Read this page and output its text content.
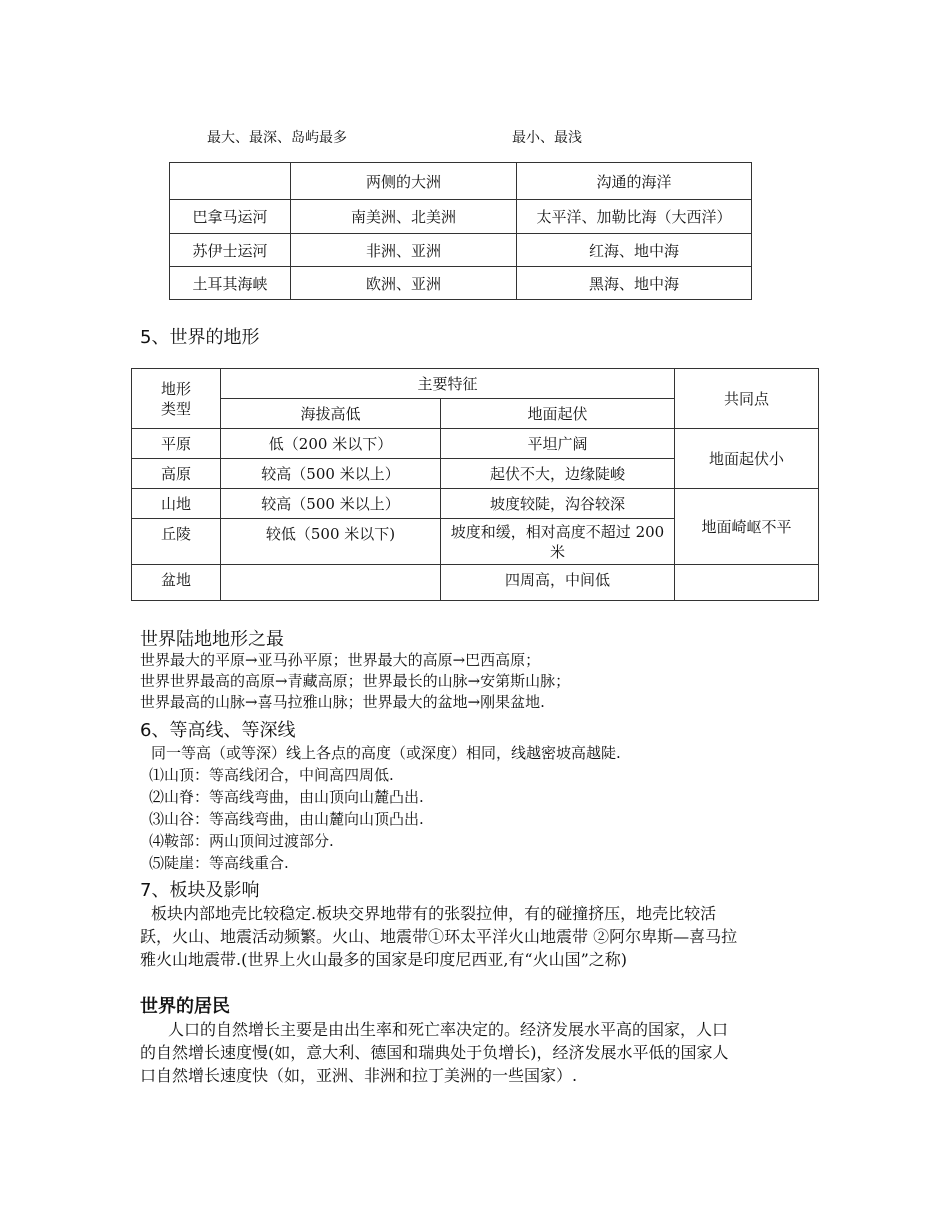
最大、最深、岛屿最多	最小、最浅
	两侧的大洲	沟通的海洋
巴拿马运河	南美洲、北美洲	太平洋、加勒比海（大西洋）
苏伊士运河	非洲、亚洲	红海、地中海
土耳其海峡	欧洲、亚洲	黑海、地中海
5、世界的地形
地形类型	主要特征		共同点
	海拔高低	地面起伏	
平原	低（200 米以下）	平坦广阔	地面起伏小
高原	较高（500 米以上）	起伏不大，边缘陡峻	
山地	较高（500 米以上）	坡度较陡，沟谷较深	地面崎岖不平
丘陵	较低（500 米以下)	坡度和缓，相对高度不超过 200 米	
盆地		四周高，中间低	
世界陆地地形之最
世界最大的平原→亚马孙平原；世界最大的高原→巴西高原；
世界世界最高的高原→青藏高原；世界最长的山脉→安第斯山脉；
世界最高的山脉→喜马拉雅山脉；世界最大的盆地→刚果盆地.
6、等高线、等深线
同一等高（或等深）线上各点的高度（或深度）相同，线越密坡高越陡.
⑴山顶：等高线闭合，中间高四周低.
⑵山脊：等高线弯曲，由山顶向山麓凸出.
⑶山谷：等高线弯曲，由山麓向山顶凸出.
⑷鞍部：两山顶间过渡部分.
⑸陡崖：等高线重合.
7、板块及影响
板块内部地壳比较稳定.板块交界地带有的张裂拉伸，有的碰撞挤压，地壳比较活
跃，火山、地震活动频繁。火山、地震带①环太平洋火山地震带 ②阿尔卑斯—喜马拉
雅火山地震带.(世界上火山最多的国家是印度尼西亚,有“火山国”之称)
世界的居民
人口的自然增长主要是由出生率和死亡率决定的。经济发展水平高的国家，人口
的自然增长速度慢(如，意大利、德国和瑞典处于负增长)，经济发展水平低的国家人
口自然增长速度快（如，亚洲、非洲和拉丁美洲的一些国家）.
